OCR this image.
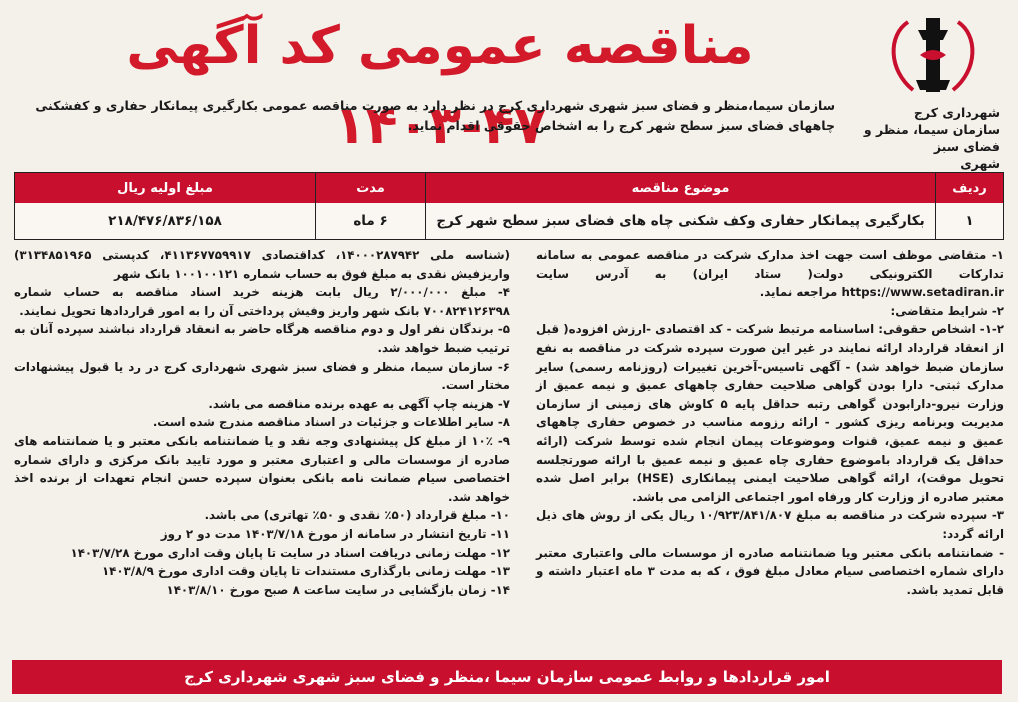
شهرداری کرج
سازمان سیما، منظر و فضای سبز
شهری
مناقصه عمومی کد آگهی ۴۷-۱۴۰۳
سازمان سیما،منظر و فضای سبز شهری شهرداری کرج در نظر دارد به صورت مناقصه عمومی بکارگیری پیمانکار حفاری و کفشکنی چاههای فضای سبز سطح شهر کرج را به اشخاص حقوقی اقدام نماید.
ردیف
موضوع مناقصه
مدت
مبلغ اولیه ریال
۱
بکارگیری پیمانکار حفاری وکف شکنی چاه های فضای سبز سطح شهر کرج
۶ ماه
۲۱۸/۴۷۶/۸۳۶/۱۵۸

۱- متقاضی موظف است جهت اخذ مدارک شرکت در مناقصه عمومی به سامانه تدارکات الکترونیکی دولت( ستاد ایران) به آدرس سایت https://www.setadiran.ir مراجعه نماید.

۲- شرایط متقاضی:

۱-۲- اشخاص حقوقی: اساسنامه مرتبط شرکت - کد اقتصادی -ارزش افزوده( قبل از انعقاد قرارداد ارائه نمایند در غیر این صورت سپرده شرکت در مناقصه به نفع سازمان ضبط خواهد شد) - آگهی تاسیس-آخرین تغییرات (روزنامه رسمی) سایر مدارک ثبتی- دارا بودن گواهی صلاحیت حفاری چاههای عمیق و نیمه عمیق از وزارت نیرو-دارابودن گواهی رتبه حداقل پایه ۵ کاوش های زمینی از سازمان مدیریت وبرنامه ریزی کشور - ارائه رزومه مناسب در خصوص حفاری چاههای عمیق و نیمه عمیق، قنوات وموضوعات پیمان انجام شده توسط شرکت (ارائه حداقل یک قرارداد باموضوع حفاری چاه عمیق و نیمه عمیق با ارائه صورتجلسه تحویل موقت)، ارائه گواهی صلاحیت ایمنی پیمانکاری (HSE) برابر اصل شده معتبر صادره از وزارت کار ورفاه امور اجتماعی الزامی می باشد.

۳- سپرده شرکت در مناقصه به مبلغ ۱۰/۹۲۳/۸۴۱/۸۰۷ ریال یکی از روش های ذیل ارائه گردد:

- ضمانتنامه بانکی معتبر ویا ضمانتنامه صادره از موسسات مالی واعتباری معتبر دارای شماره اختصاصی سیام معادل مبلغ فوق ، که به مدت ۳ ماه اعتبار داشته و قابل تمدید باشد.

(شناسه ملی ۱۴۰۰۰۲۸۷۹۴۲، کداقتصادی ۴۱۱۳۶۷۷۵۹۹۱۷، کدپستی ۳۱۳۴۸۵۱۹۶۵) واریزفیش نقدی به مبلغ فوق به حساب شماره ۱۰۰۱۰۰۱۲۱ بانک شهر

۴- مبلغ ۲/۰۰۰/۰۰۰ ریال بابت هزینه خرید اسناد مناقصه به حساب شماره ۷۰۰۸۲۴۱۲۶۳۹۸ بانک شهر واریز وفیش پرداختی آن را به امور قراردادها تحویل نمایند.

۵- برندگان نفر اول و دوم مناقصه هرگاه حاضر به انعقاد قرارداد نباشند سپرده آنان به ترتیب ضبط خواهد شد.

۶- سازمان سیما، منظر و فضای سبز شهری شهرداری کرج در رد یا قبول پیشنهادات مختار است.

۷- هزینه چاپ آگهی به عهده برنده مناقصه می باشد.

۸- سایر اطلاعات و جزئیات در اسناد مناقصه مندرج شده است.

۹- ۱۰٪ از مبلغ کل پیشنهادی وجه نقد و یا ضمانتنامه بانکی معتبر و یا ضمانتنامه های صادره از موسسات مالی و اعتباری معتبر و مورد تایید بانک مرکزی و دارای شماره اختصاصی سیام ضمانت نامه بانکی بعنوان سپرده حسن انجام تعهدات از برنده اخذ خواهد شد.

۱۰- مبلغ قرارداد (۵۰٪ نقدی و ۵۰٪ تهاتری) می باشد.

۱۱- تاریخ انتشار در سامانه از مورخ ۱۴۰۳/۷/۱۸ مدت دو ۲ روز

۱۲- مهلت زمانی دریافت اسناد در سایت تا پایان وقت اداری مورخ ۱۴۰۳/۷/۲۸

۱۳- مهلت زمانی بارگذاری مستندات تا پایان وقت اداری مورخ ۱۴۰۳/۸/۹

۱۴- زمان بازگشایی در سایت ساعت ۸ صبح مورخ ۱۴۰۳/۸/۱۰

امور قراردادها و روابط عمومی سازمان سیما ،منظر و فضای سبز شهری شهرداری کرج
